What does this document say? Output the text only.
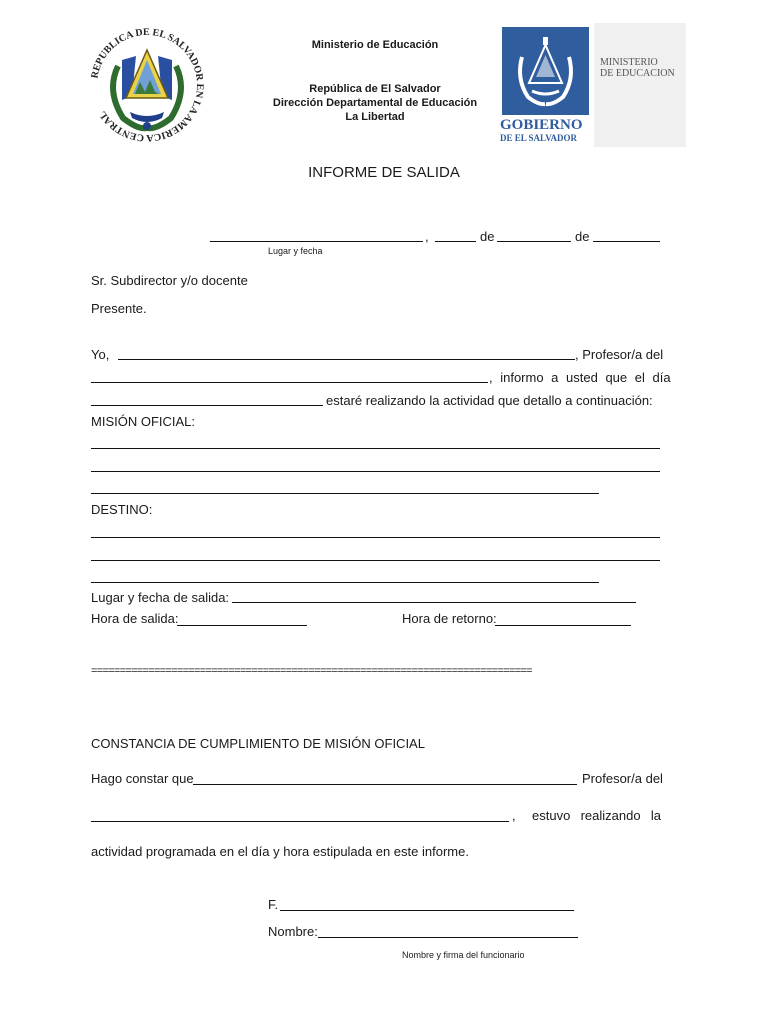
REPUBLICA DE EL SALVADOR EN LA AMERICA CENTRAL
Ministerio de Educación
República de El Salvador
Dirección Departamental de Educación
La Libertad	GOBIERNO
DE EL SALVADOR
MINISTERIO
DE EDUCACION
INFORME DE SALIDA
,	de	de
Lugar y fecha
Sr. Subdirector y/o docente
Presente.
Yo,	, Profesor/a del
, informo a usted que el día
estaré realizando la actividad que detallo a continuación:
MISIÓN OFICIAL:
DESTINO:
Lugar y fecha de salida:
Hora de salida:	Hora de retorno:
=============================================================================
CONSTANCIA DE CUMPLIMIENTO DE MISIÓN OFICIAL
Hago constar que	Profesor/a del
, estuvo realizando la
actividad programada en el día y hora estipulada en este informe.
F.
Nombre:
Nombre y firma del funcionario
